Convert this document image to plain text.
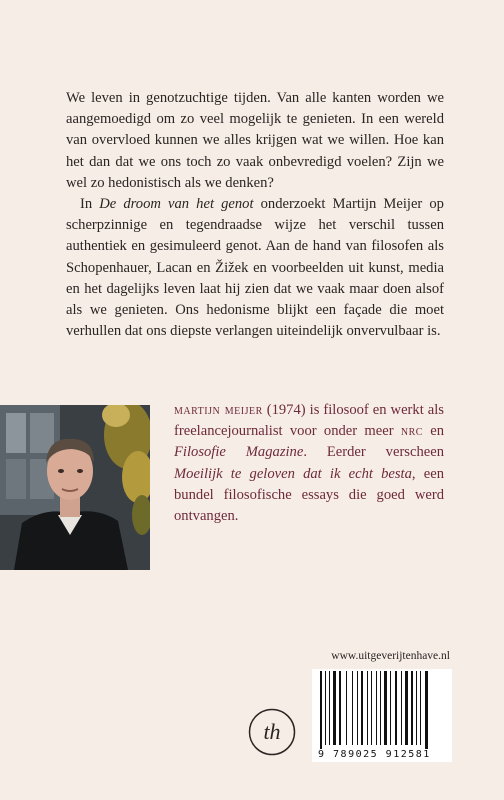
We leven in genotzuchtige tijden. Van alle kanten worden we aangemoedigd om zo veel mogelijk te genieten. In een wereld van overvloed kunnen we alles krijgen wat we willen. Hoe kan het dan dat we ons toch zo vaak onbevredigd voelen? Zijn we wel zo hedonistisch als we denken?

In De droom van het genot onderzoekt Martijn Meijer op scherpzinnige en tegendraadse wijze het verschil tussen authentiek en gesimuleerd genot. Aan de hand van filosofen als Schopenhauer, Lacan en Žižek en voorbeelden uit kunst, media en het dagelijks leven laat hij zien dat we vaak maar doen alsof als we genieten. Ons hedonisme blijkt een façade die moet verhullen dat ons diepste verlangen uiteindelijk onvervulbaar is.

martijn meijer (1974) is filosoof en werkt als freelancejournalist voor onder meer nrc en Filosofie Magazine. Eerder verscheen Moeilijk te geloven dat ik echt besta, een bundel filosofische essays die goed werd ontvangen.

www.uitgeverijtenhave.nl
th
9 789025 912581
